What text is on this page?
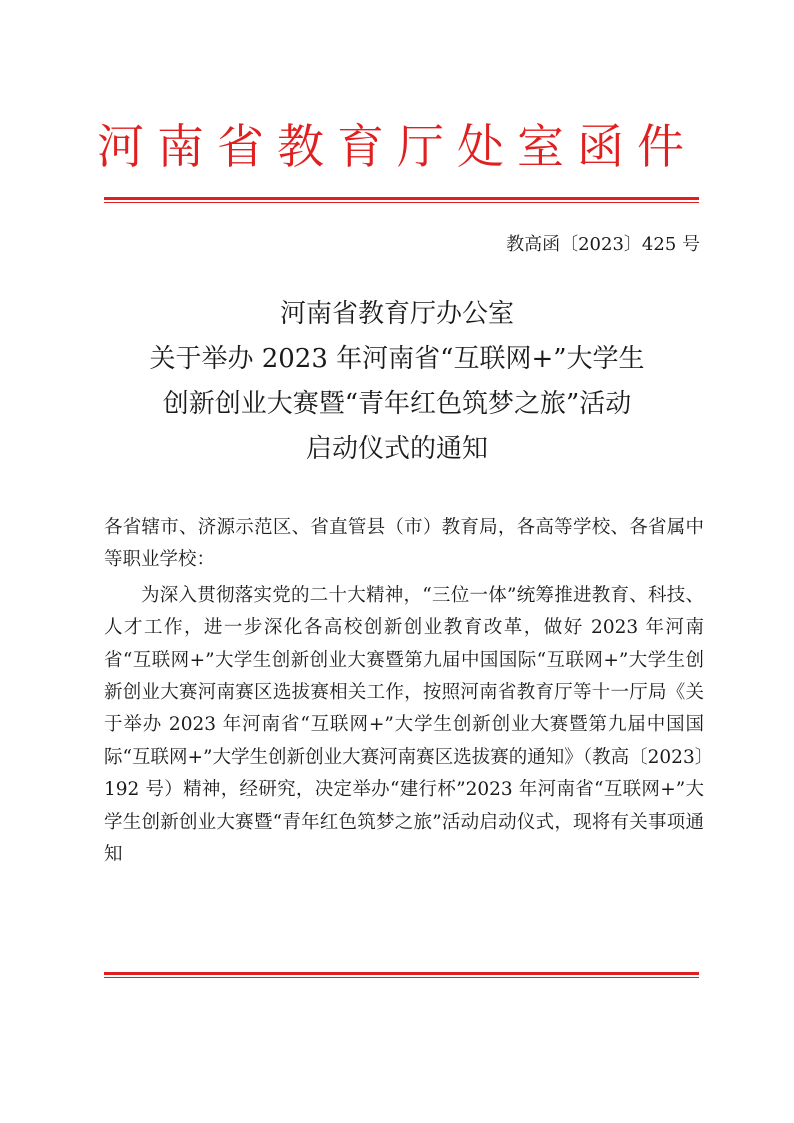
河南省教育厅处室函件
教高函〔2023〕425 号
河南省教育厅办公室
关于举办 2023 年河南省“互联网+”大学生
创新创业大赛暨“青年红色筑梦之旅”活动
启动仪式的通知

各省辖市、济源示范区、省直管县（市）教育局，各高等学校、各省属中等职业学校：

为深入贯彻落实党的二十大精神，“三位一体”统筹推进教育、科技、人才工作，进一步深化各高校创新创业教育改革，做好 2023 年河南省“互联网+”大学生创新创业大赛暨第九届中国国际“互联网+”大学生创新创业大赛河南赛区选拔赛相关工作，按照河南省教育厅等十一厅局《关于举办 2023 年河南省“互联网+”大学生创新创业大赛暨第九届中国国际“互联网+”大学生创新创业大赛河南赛区选拔赛的通知》（教高〔2023〕192 号）精神，经研究，决定举办“建行杯”2023 年河南省“互联网+”大学生创新创业大赛暨“青年红色筑梦之旅”活动启动仪式，现将有关事项通知
